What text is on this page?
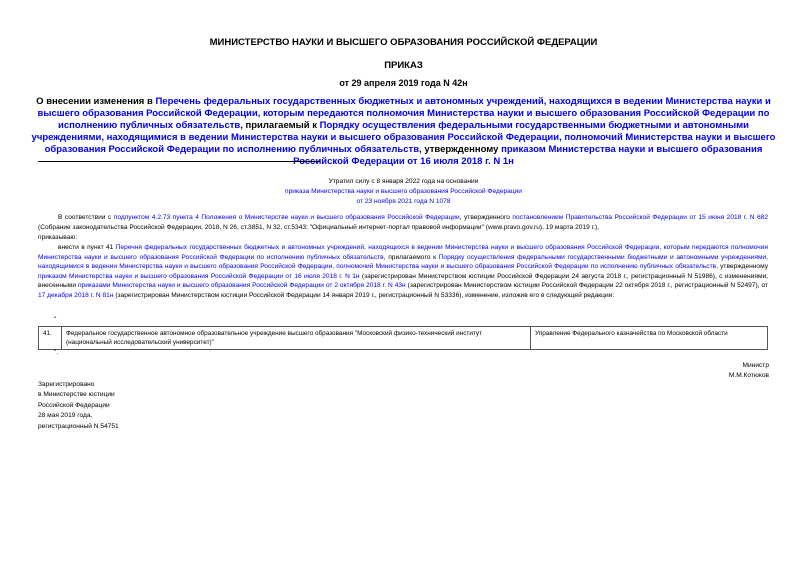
МИНИСТЕРСТВО НАУКИ И ВЫСШЕГО ОБРАЗОВАНИЯ РОССИЙСКОЙ ФЕДЕРАЦИИ
ПРИКАЗ
от 29 апреля 2019 года N 42н
О внесении изменения в Перечень федеральных государственных бюджетных и автономных учреждений, находящихся в ведении Министерства науки и высшего образования Российской Федерации, которым передаются полномочия Министерства науки и высшего образования Российской Федерации по исполнению публичных обязательств, прилагаемый к Порядку осуществления федеральными государственными бюджетными и автономными учреждениями, находящимися в ведении Министерства науки и высшего образования Российской Федерации, полномочий Министерства науки и высшего образования Российской Федерации по исполнению публичных обязательств, утвержденному приказом Министерства науки и высшего образования Российской Федерации от 16 июля 2018 г. N 1н
Утратил силу с 8 января 2022 года на основании
приказа Министерства науки и высшего образования Российской Федерации
от 23 ноября 2021 года N 1078
В соответствии с подпунктом 4.2.73 пункта 4 Положения о Министерстве науки и высшего образования Российской Федерации, утвержденного постановлением Правительства Российской Федерации от 15 июня 2018 г. N 682 (Собрание законодательства Российской Федерации, 2018, N 26, ст.3851, N 32, ст.5343; "Официальный интернет-портал правовой информации" (www.pravo.gov.ru), 19 марта 2019 г.),
приказываю:
внести в пункт 41 Перечня федеральных государственных бюджетных и автономных учреждений, находящихся в ведении Министерства науки и высшего образования Российской Федерации, которым передаются полномочия Министерства науки и высшего образования Российской Федерации по исполнению публичных обязательств, прилагаемого к Порядку осуществления федеральными государственными бюджетными и автономными учреждениями, находящимися в ведении Министерства науки и высшего образования Российской Федерации, полномочий Министерства науки и высшего образования Российской Федерации по исполнению публичных обязательств, утвержденному приказом Министерства науки и высшего образования Российской Федерации от 16 июля 2018 г. N 1н (зарегистрирован Министерством юстиции Российской Федерации 24 августа 2018 г., регистрационный N 51986), с изменениями, внесенными приказами Министерства науки и высшего образования Российской Федерации от 2 октября 2018 г. N 43н (зарегистрирован Министерством юстиции Российской Федерации 22 октября 2018 г., регистрационный N 52497), от 17 декабря 2018 г. N 81н (зарегистрирован Министерством юстиции Российской Федерации 14 января 2019 г., регистрационный N 53336), изменение, изложив его в следующей редакции:
"
41.	Федеральное государственное автономное образовательное учреждение высшего образования "Московский физико-технический институт (национальный исследовательский университет)"	Управление Федерального казначейства по Московской области
".
Министр
М.М.Котюков
Зарегистрировано
в Министерстве юстиции
Российской Федерации
28 мая 2019 года,
регистрационный N 54751
